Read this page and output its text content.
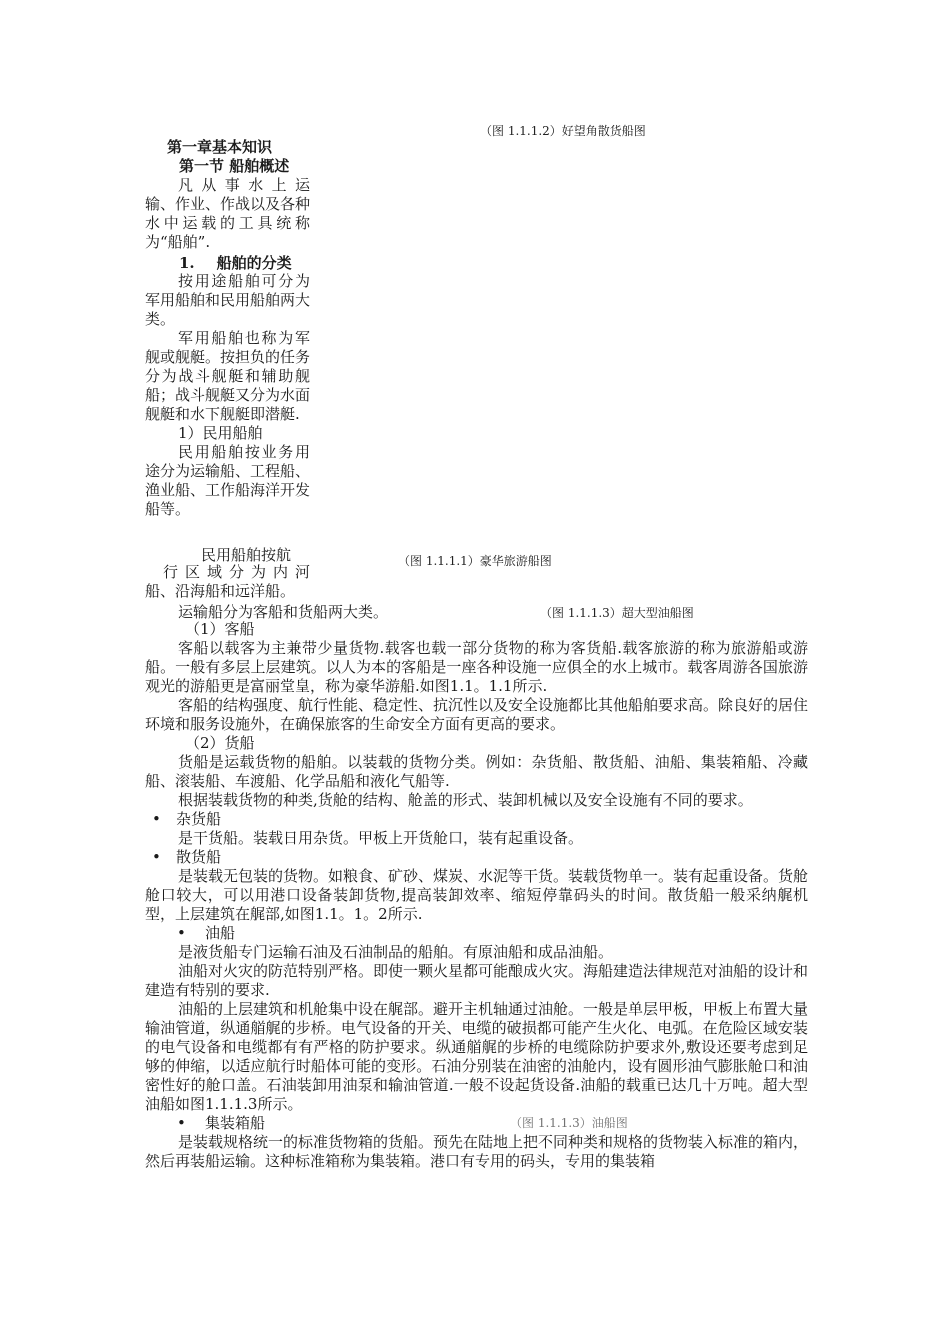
（图 1.1.1.2）好望角散货船图
（图 1.1.1.1）豪华旅游船图
（图 1.1.1.3）超大型油船图
第一章基本知识
第一节 船舶概述

凡从事水上运

输、作业、作战以及各种水中运载的工具统称为“船舶”.

1. 船舶的分类

按用途船舶可分为军用船舶和民用船舶两大类。

军用船舶也称为军舰或舰艇。按担负的任务分为战斗舰艇和辅助舰船；战斗舰艇又分为水面舰艇和水下舰艇即潜艇.

1）民用船舶

民用船舶按业务用途分为运输船、工程船、渔业船、工作船海洋开发船等。

民用船舶按航

行区域分为内河

船、沿海船和远洋船。

运输船分为客船和货船两大类。

（1）客船

客船以载客为主兼带少量货物.载客也载一部分货物的称为客货船.载客旅游的称为旅游船或游船。一般有多层上层建筑。以人为本的客船是一座各种设施一应俱全的水上城市。载客周游各国旅游观光的游船更是富丽堂皇，称为豪华游船.如图1.1。1.1所示.

客船的结构强度、航行性能、稳定性、抗沉性以及安全设施都比其他船舶要求高。除良好的居住环境和服务设施外，在确保旅客的生命安全方面有更高的要求。

（2）货船

货船是运载货物的船舶。以装载的货物分类。例如：杂货船、散货船、油船、集装箱船、冷藏船、滚装船、车渡船、化学品船和液化气船等.

根据装载货物的种类,货舱的结构、舱盖的形式、装卸机械以及安全设施有不同的要求。

• 杂货船

是干货船。装载日用杂货。甲板上开货舱口，装有起重设备。

• 散货船

是装载无包装的货物。如粮食、矿砂、煤炭、水泥等干货。装载货物单一。装有起重设备。货舱舱口较大，可以用港口设备装卸货物,提高装卸效率、缩短停靠码头的时间。散货船一般采纳艉机型，上层建筑在艉部,如图1.1。1。2所示.

• 油船

是液货船专门运输石油及石油制品的船舶。有原油船和成品油船。

油船对火灾的防范特别严格。即使一颗火星都可能酿成火灾。海船建造法律规范对油船的设计和建造有特别的要求.

油船的上层建筑和机舱集中设在艉部。避开主机轴通过油舱。一般是单层甲板，甲板上布置大量输油管道，纵通艏艉的步桥。电气设备的开关、电缆的破损都可能产生火化、电弧。在危险区域安装的电气设备和电缆都有有严格的防护要求。纵通艏艉的步桥的电缆除防护要求外,敷设还要考虑到足够的伸缩，以适应航行时船体可能的变形。石油分别装在油密的油舱内，设有圆形油气膨胀舱口和油密性好的舱口盖。石油装卸用油泵和输油管道.一般不设起货设备.油船的载重已达几十万吨。超大型油船如图1.1.1.3所示。

• 集装箱船

是装载规格统一的标准货物箱的货船。预先在陆地上把不同种类和规格的货物装入标准的箱内，然后再装船运输。这种标准箱称为集装箱。港口有专用的码头，专用的集装箱

（图 1.1.1.3）油船图
